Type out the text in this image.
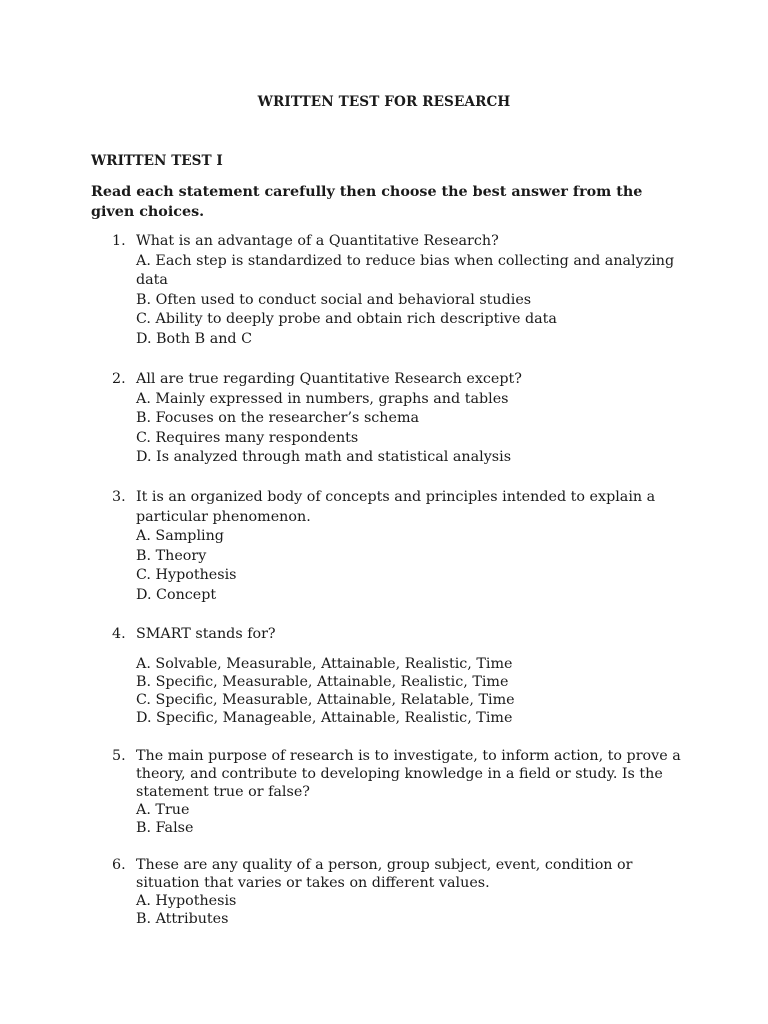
WRITTEN TEST FOR RESEARCH
WRITTEN TEST I
Read each statement carefully then choose the best answer from the given choices.
1. What is an advantage of a Quantitative Research?
A. Each step is standardized to reduce bias when collecting and analyzing data
B. Often used to conduct social and behavioral studies
C. Ability to deeply probe and obtain rich descriptive data
D. Both B and C
2. All are true regarding Quantitative Research except?
A. Mainly expressed in numbers, graphs and tables
B. Focuses on the researcher’s schema
C. Requires many respondents
D. Is analyzed through math and statistical analysis
3. It is an organized body of concepts and principles intended to explain a particular phenomenon.
A. Sampling
B. Theory
C. Hypothesis
D. Concept
4. SMART stands for?
A. Solvable, Measurable, Attainable, Realistic, Time
B. Specific, Measurable, Attainable, Realistic, Time
C. Specific, Measurable, Attainable, Relatable, Time
D. Specific, Manageable, Attainable, Realistic, Time
5. The main purpose of research is to investigate, to inform action, to prove a theory, and contribute to developing knowledge in a field or study. Is the statement true or false?
A. True
B. False
6. These are any quality of a person, group subject, event, condition or situation that varies or takes on different values.
A. Hypothesis
B. Attributes
